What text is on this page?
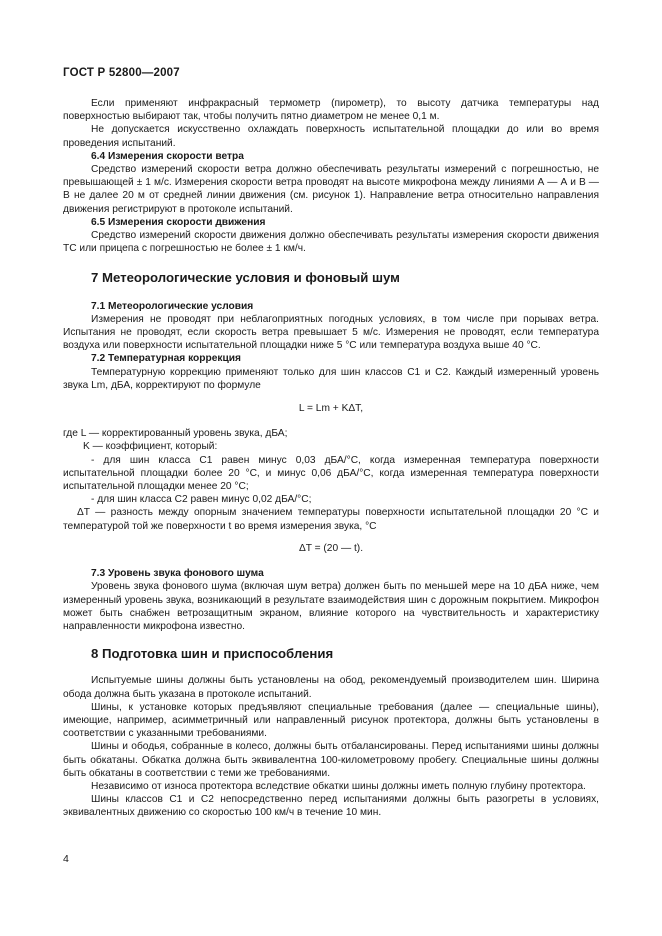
ГОСТ Р 52800—2007

Если применяют инфракрасный термометр (пирометр), то высоту датчика температуры над поверхностью выбирают так, чтобы получить пятно диаметром не менее 0,1 м.

Не допускается искусственно охлаждать поверхность испытательной площадки до или во время проведения испытаний.

6.4 Измерения скорости ветра

Средство измерений скорости ветра должно обеспечивать результаты измерений с погрешностью, не превышающей ± 1 м/с. Измерения скорости ветра проводят на высоте микрофона между линиями А — А и В — В не далее 20 м от средней линии движения (см. рисунок 1). Направление ветра относительно направления движения регистрируют в протоколе испытаний.

6.5 Измерения скорости движения

Средство измерений скорости движения должно обеспечивать результаты измерения скорости движения ТС или прицепа с погрешностью не более ± 1 км/ч.

7 Метеорологические условия и фоновый шум
7.1 Метеорологические условия

Измерения не проводят при неблагоприятных погодных условиях, в том числе при порывах ветра. Испытания не проводят, если скорость ветра превышает 5 м/с. Измерения не проводят, если температура воздуха или поверхности испытательной площадки ниже 5 °С или температура воздуха выше 40 °С.

7.2 Температурная коррекция

Температурную коррекцию применяют только для шин классов С1 и С2. Каждый измеренный уровень звука Lm, дБА, корректируют по формуле

L = Lm + KΔT,

где L — корректированный уровень звука, дБА;

K — коэффициент, который:

- для шин класса С1 равен минус 0,03 дБА/°С, когда измеренная температура поверхности испытательной площадки более 20 °С, и минус 0,06 дБА/°С, когда измеренная температура поверхности испытательной площадки менее 20 °С;

- для шин класса С2 равен минус 0,02 дБА/°С;

ΔT — разность между опорным значением температуры поверхности испытательной площадки 20 °С и температурой той же поверхности t во время измерения звука, °С

ΔT = (20 — t).

7.3 Уровень звука фонового шума

Уровень звука фонового шума (включая шум ветра) должен быть по меньшей мере на 10 дБА ниже, чем измеренный уровень звука, возникающий в результате взаимодействия шин с дорожным покрытием. Микрофон может быть снабжен ветрозащитным экраном, влияние которого на чувствительность и характеристику направленности микрофона известно.

8 Подготовка шин и приспособления

Испытуемые шины должны быть установлены на обод, рекомендуемый производителем шин. Ширина обода должна быть указана в протоколе испытаний.

Шины, к установке которых предъявляют специальные требования (далее — специальные шины), имеющие, например, асимметричный или направленный рисунок протектора, должны быть установлены в соответствии с указанными требованиями.

Шины и ободья, собранные в колесо, должны быть отбалансированы. Перед испытаниями шины должны быть обкатаны. Обкатка должна быть эквивалентна 100-километровому пробегу. Специальные шины должны быть обкатаны в соответствии с теми же требованиями.

Независимо от износа протектора вследствие обкатки шины должны иметь полную глубину протектора.

Шины классов С1 и С2 непосредственно перед испытаниями должны быть разогреты в условиях, эквивалентных движению со скоростью 100 км/ч в течение 10 мин.

4
